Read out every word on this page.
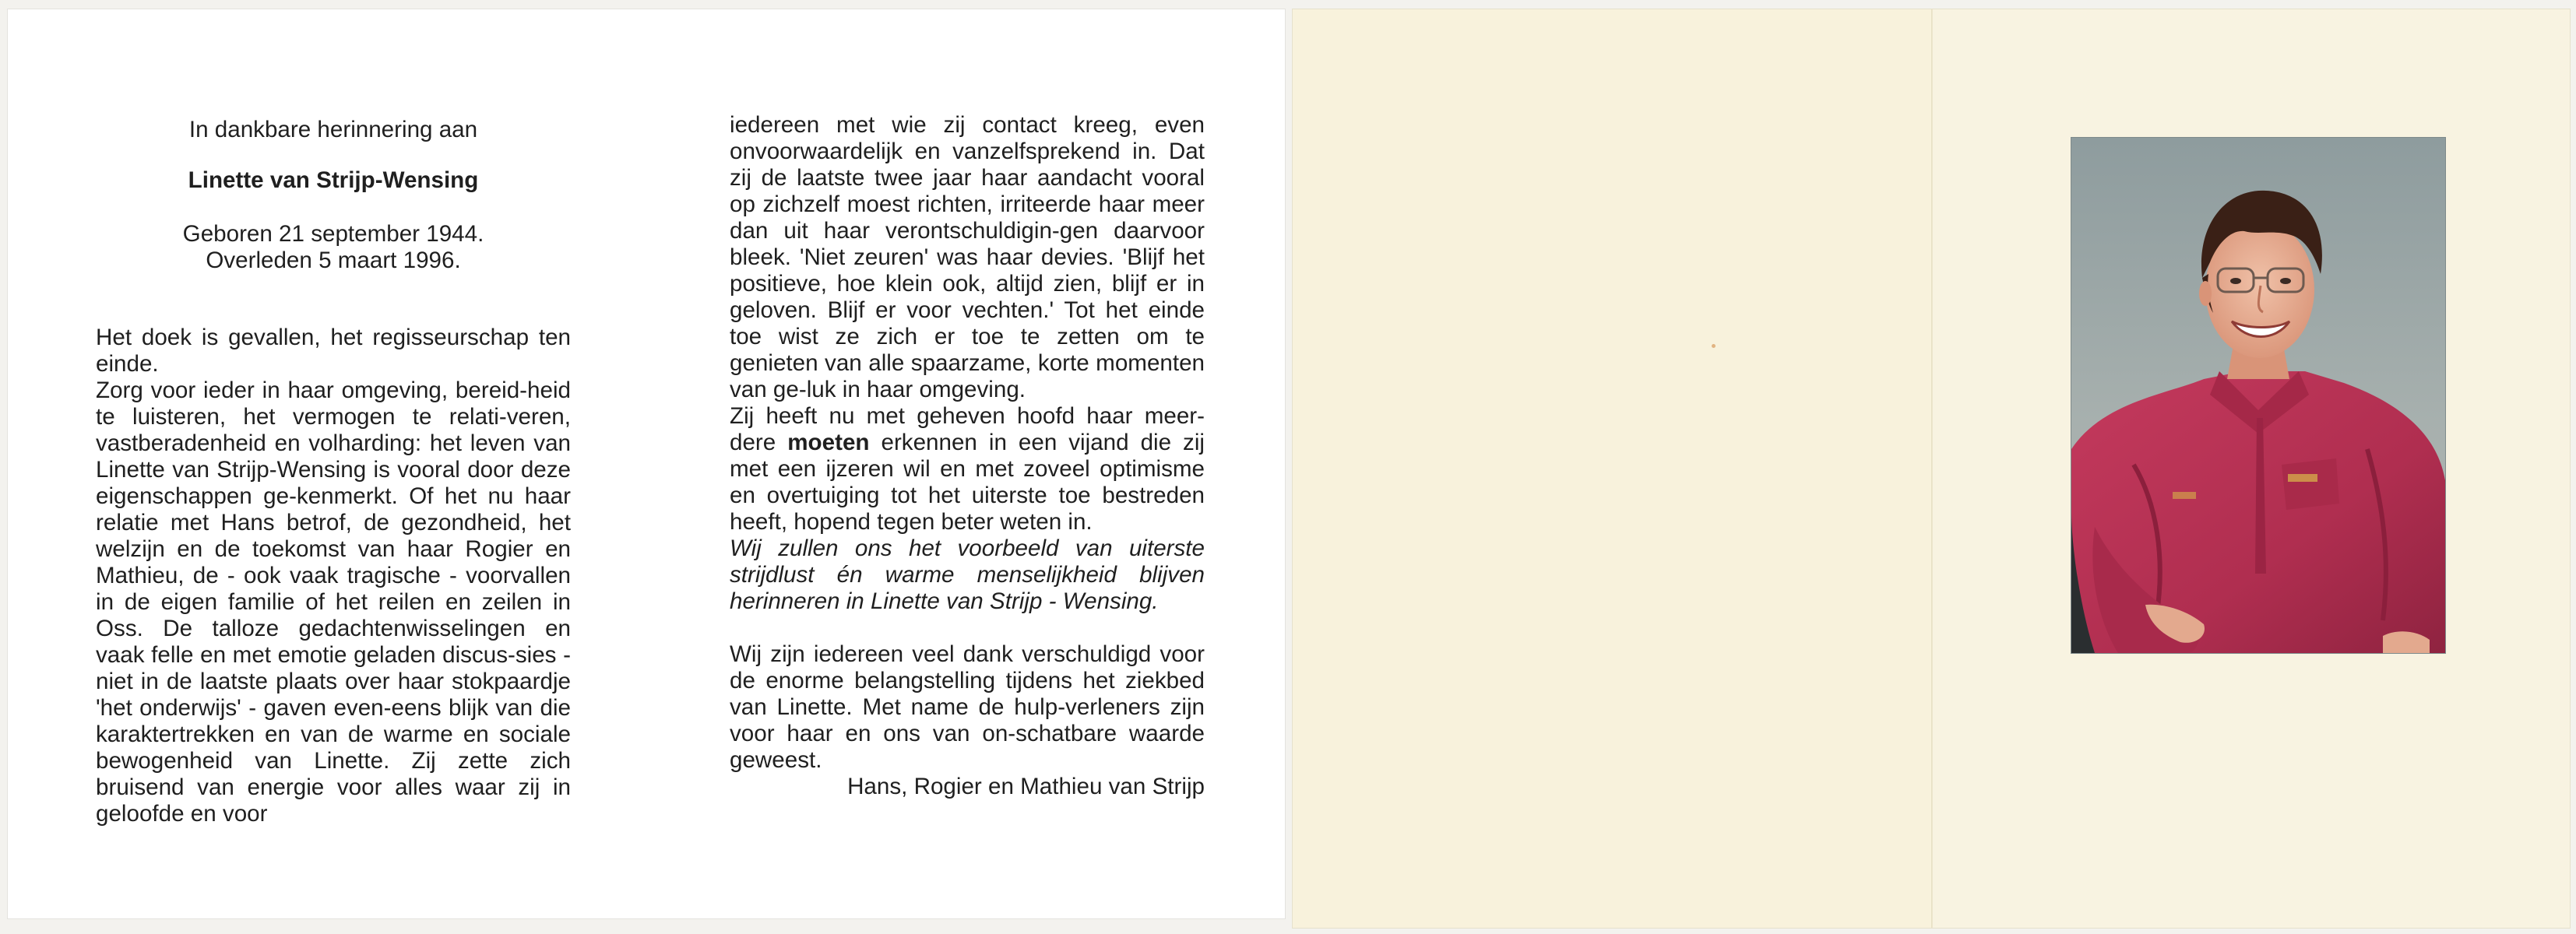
In dankbare herinnering aan
Linette van Strijp-Wensing
Geboren 21 september 1944.
Overleden 5 maart 1996.

Het doek is gevallen, het regisseurschap ten einde.

Zorg voor ieder in haar omgeving, bereid-heid te luisteren, het vermogen te relati-veren, vastberadenheid en volharding: het leven van Linette van Strijp-Wensing is vooral door deze eigenschappen ge-kenmerkt. Of het nu haar relatie met Hans betrof, de gezondheid, het welzijn en de toekomst van haar Rogier en Mathieu, de - ook vaak tragische - voorvallen in de eigen familie of het reilen en zeilen in Oss. De talloze gedachtenwisselingen en vaak felle en met emotie geladen discus-sies - niet in de laatste plaats over haar stokpaardje 'het onderwijs' - gaven even-eens blijk van die karaktertrekken en van de warme en sociale bewogenheid van Linette. Zij zette zich bruisend van energie voor alles waar zij in geloofde en voor

iedereen met wie zij contact kreeg, even onvoorwaardelijk en vanzelfsprekend in. Dat zij de laatste twee jaar haar aandacht vooral op zichzelf moest richten, irriteerde haar meer dan uit haar verontschuldigin-gen daarvoor bleek. 'Niet zeuren' was haar devies. 'Blijf het positieve, hoe klein ook, altijd zien, blijf er in geloven. Blijf er voor vechten.' Tot het einde toe wist ze zich er toe te zetten om te genieten van alle spaarzame, korte momenten van ge-luk in haar omgeving.

Zij heeft nu met geheven hoofd haar meer-dere moeten erkennen in een vijand die zij met een ijzeren wil en met zoveel optimisme en overtuiging tot het uiterste toe bestreden heeft, hopend tegen beter weten in.

Wij zullen ons het voorbeeld van uiterste strijdlust én warme menselijkheid blijven herinneren in Linette van Strijp - Wensing.

Wij zijn iedereen veel dank verschuldigd voor de enorme belangstelling tijdens het ziekbed van Linette. Met name de hulp-verleners zijn voor haar en ons van on-schatbare waarde geweest.

Hans, Rogier en Mathieu van Strijp
